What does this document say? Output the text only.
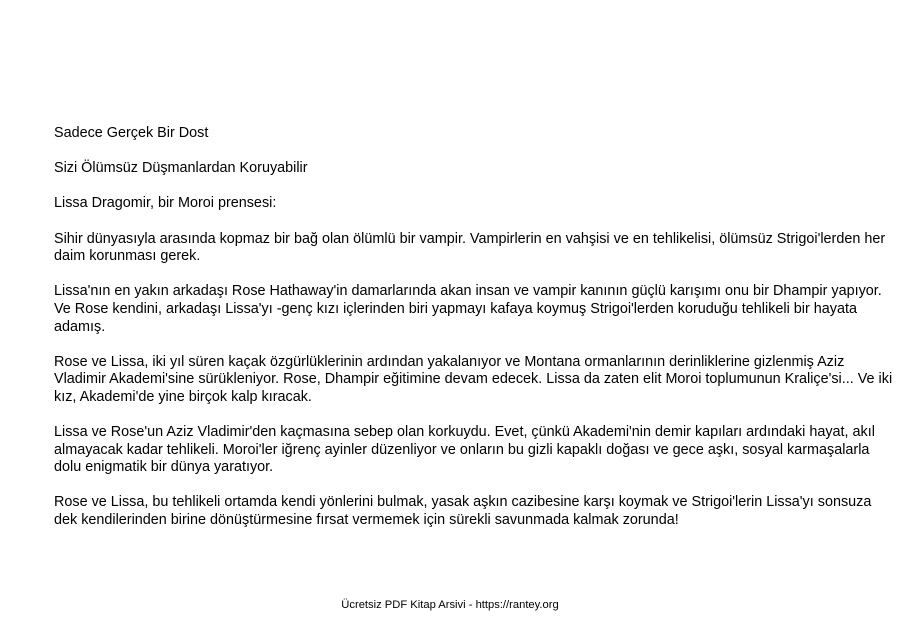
Sadece Gerçek Bir Dost

Sizi Ölümsüz Düşmanlardan Koruyabilir

Lissa Dragomir, bir Moroi prensesi:

Sihir dünyasıyla arasında kopmaz bir bağ olan ölümlü bir vampir. Vampirlerin en vahşisi ve en tehlikelisi, ölümsüz Strigoi'lerden her daim korunması gerek.

Lissa'nın en yakın arkadaşı Rose Hathaway'in damarlarında akan insan ve vampir kanının güçlü karışımı onu bir Dhampir yapıyor. Ve Rose kendini, arkadaşı Lissa'yı -genç kızı içlerinden biri yapmayı kafaya koymuş Strigoi'lerden koruduğu tehlikeli bir hayata adamış.

Rose ve Lissa, iki yıl süren kaçak özgürlüklerinin ardından yakalanıyor ve Montana ormanlarının derinliklerine gizlenmiş Aziz Vladimir Akademi'sine sürükleniyor. Rose, Dhampir eğitimine devam edecek. Lissa da zaten elit Moroi toplumunun Kraliçe'si... Ve iki kız, Akademi'de yine birçok kalp kıracak.

Lissa ve Rose'un Aziz Vladimir'den kaçmasına sebep olan korkuydu. Evet, çünkü Akademi'nin demir kapıları ardındaki hayat, akıl almayacak kadar tehlikeli. Moroi'ler iğrenç ayinler düzenliyor ve onların bu gizli kapaklı doğası ve gece aşkı, sosyal karmaşalarla dolu enigmatik bir dünya yaratıyor.

Rose ve Lissa, bu tehlikeli ortamda kendi yönlerini bulmak, yasak aşkın cazibesine karşı koymak ve Strigoi'lerin Lissa'yı sonsuza dek kendilerinden birine dönüştürmesine fırsat vermemek için sürekli savunmada kalmak zorunda!

Ücretsiz PDF Kitap Arsivi - https://rantey.org
